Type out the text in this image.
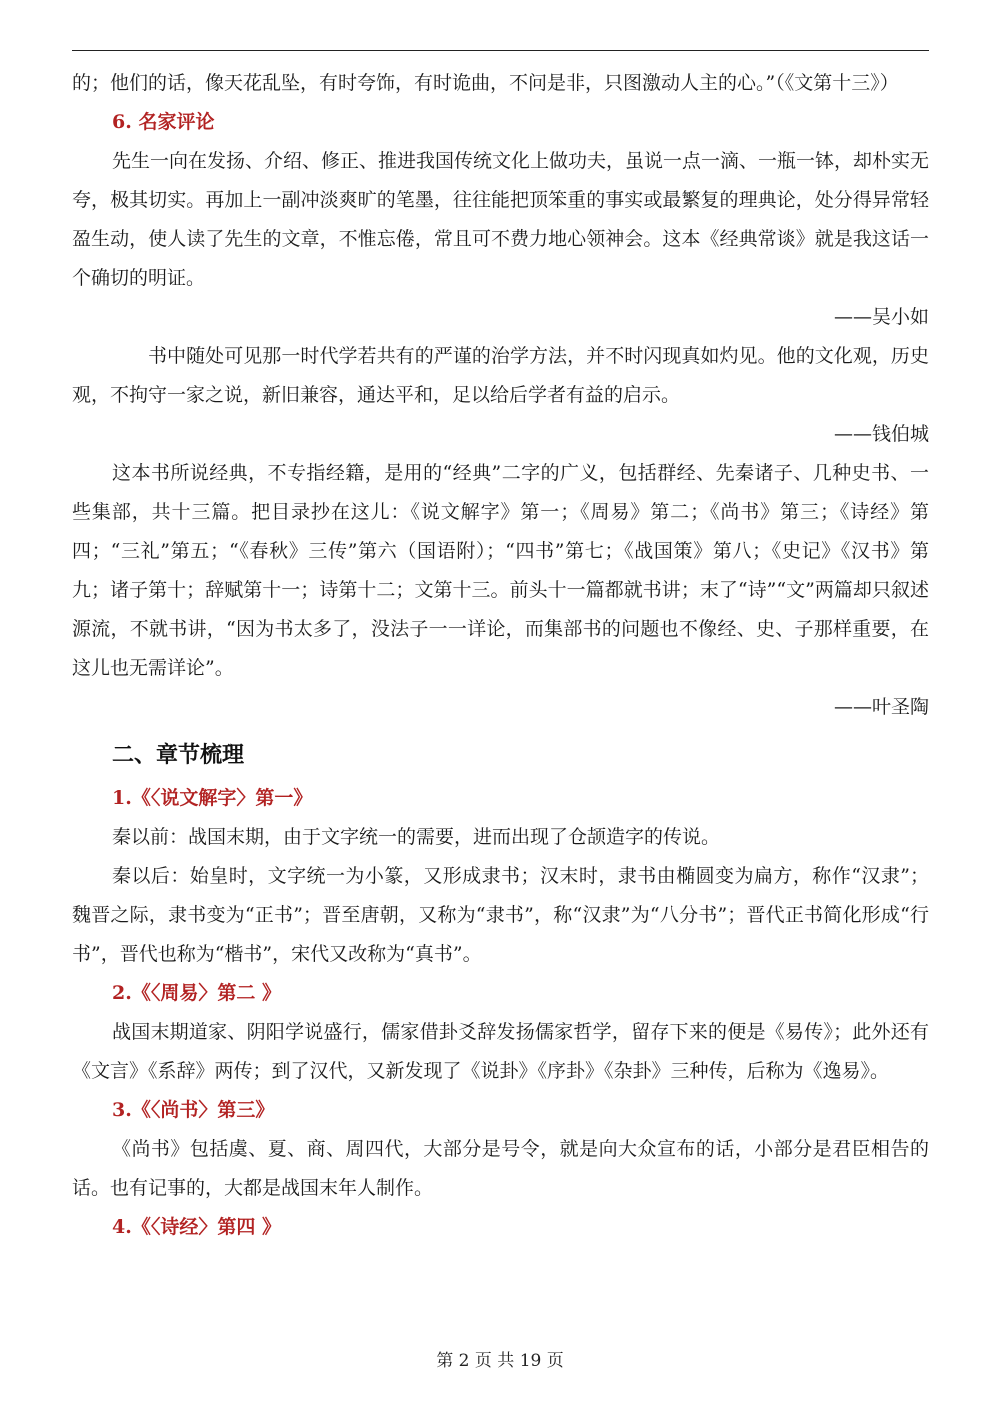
的；他们的话，像天花乱坠，有时夸饰，有时诡曲，不问是非，只图激动人主的心。”（《文第十三》）

6. 名家评论

先生一向在发扬、介绍、修正、推进我国传统文化上做功夫，虽说一点一滴、一瓶一钵，却朴实无夸，极其切实。再加上一副冲淡爽旷的笔墨，往往能把顶笨重的事实或最繁复的理典论，处分得异常轻盈生动，使人读了先生的文章，不惟忘倦，常且可不费力地心领神会。这本《经典常谈》就是我这话一个确切的明证。

——吴小如

书中随处可见那一时代学若共有的严谨的治学方法，并不时闪现真如灼见。他的文化观，历史观，不拘守一家之说，新旧兼容，通达平和，足以给后学者有益的启示。

——钱伯城

这本书所说经典，不专指经籍，是用的“经典”二字的广义，包括群经、先秦诸子、几种史书、一些集部，共十三篇。把目录抄在这儿：《说文解字》第一；《周易》第二；《尚书》第三；《诗经》第四；“三礼”第五；“《春秋》三传”第六（国语附）；“四书”第七；《战国策》第八；《史记》《汉书》第九；诸子第十；辞赋第十一；诗第十二；文第十三。前头十一篇都就书讲；末了“诗”“文”两篇却只叙述源流，不就书讲，“因为书太多了，没法子一一详论，而集部书的问题也不像经、史、子那样重要，在这儿也无需详论”。

——叶圣陶

二、章节梳理

1.《〈说文解字〉第一》

秦以前：战国末期，由于文字统一的需要，进而出现了仓颉造字的传说。

秦以后：始皇时，文字统一为小篆，又形成隶书；汉末时，隶书由椭圆变为扁方，称作“汉隶”；魏晋之际，隶书变为“正书”；晋至唐朝，又称为“隶书”，称“汉隶”为“八分书”；晋代正书简化形成“行书”，晋代也称为“楷书”，宋代又改称为“真书”。

2.《〈周易〉第二 》

战国末期道家、阴阳学说盛行，儒家借卦爻辞发扬儒家哲学，留存下来的便是《易传》；此外还有《文言》《系辞》两传；到了汉代，又新发现了《说卦》《序卦》《杂卦》三种传，后称为《逸易》。

3.《〈尚书〉第三》

《尚书》包括虞、夏、商、周四代，大部分是号令，就是向大众宣布的话，小部分是君臣相告的话。也有记事的，大都是战国末年人制作。

4.《〈诗经〉第四 》

第 2 页 共 19 页
